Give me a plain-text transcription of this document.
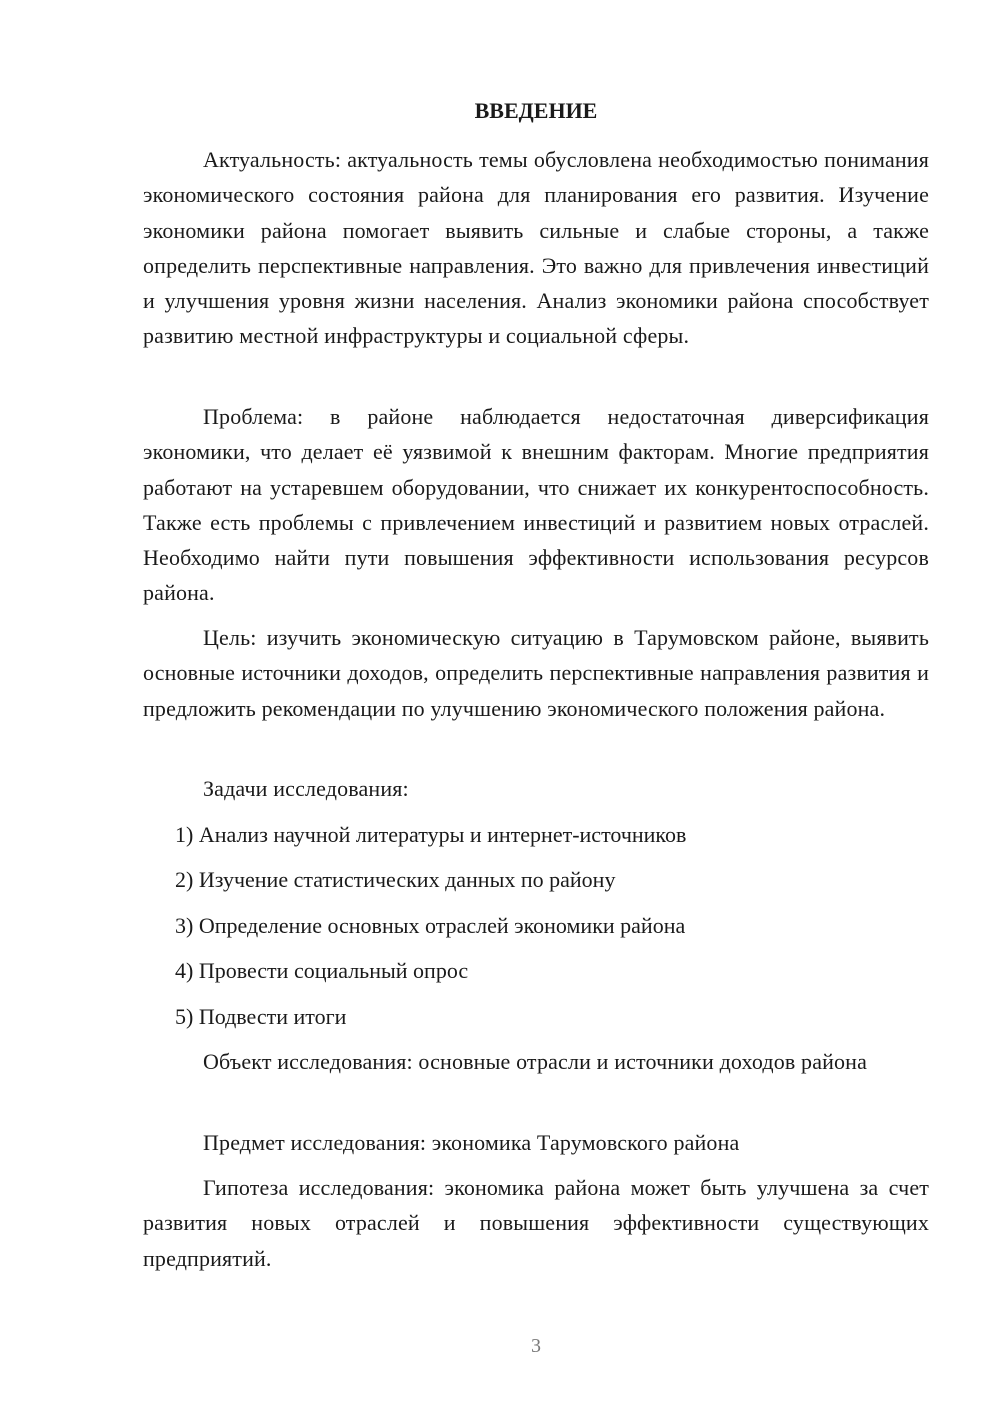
ВВЕДЕНИЕ

Актуальность: актуальность темы обусловлена необходимостью понимания экономического состояния района для планирования его развития. Изучение экономики района помогает выявить сильные и слабые стороны, а также определить перспективные направления. Это важно для привлечения инвестиций и улучшения уровня жизни населения. Анализ экономики района способствует развитию местной инфраструктуры и социальной сферы.

Проблема: в районе наблюдается недостаточная диверсификация экономики, что делает её уязвимой к внешним факторам. Многие предприятия работают на устаревшем оборудовании, что снижает их конкурентоспособность. Также есть проблемы с привлечением инвестиций и развитием новых отраслей. Необходимо найти пути повышения эффективности использования ресурсов района.

Цель: изучить экономическую ситуацию в Тарумовском районе, выявить основные источники доходов, определить перспективные направления развития и предложить рекомендации по улучшению экономического положения района.

Задачи исследования:

1) Анализ научной литературы и интернет-источников
2) Изучение статистических данных по району
3) Определение основных отраслей экономики района
4) Провести социальный опрос
5) Подвести итоги

Объект исследования: основные отрасли и источники доходов района

Предмет исследования: экономика Тарумовского района

Гипотеза исследования: экономика района может быть улучшена за счет развития новых отраслей и повышения эффективности существующих предприятий.

3
